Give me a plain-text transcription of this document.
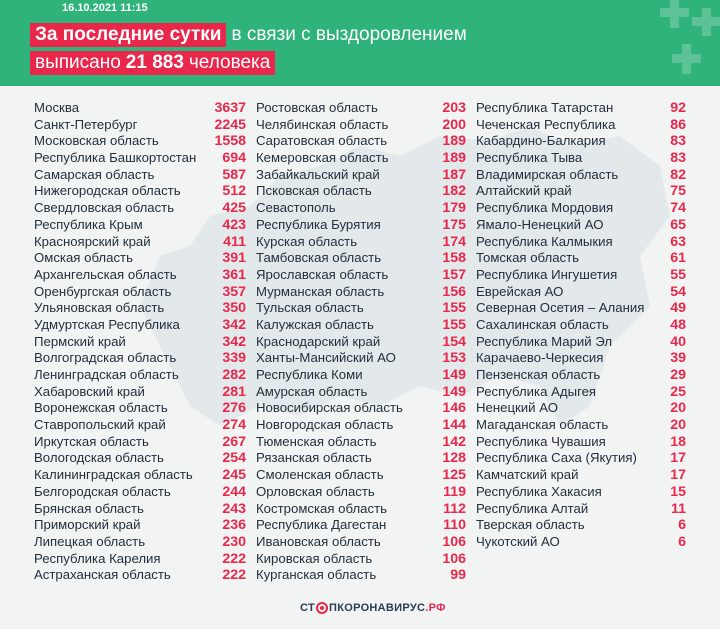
16.10.2021 11:15
За последние сутки в связи с выздоровлением
выписано 21 883 человека
Москва	3637
Санкт-Петербург	2245
Московская область	1558
Республика Башкортостан 694
Самарская область	587
Нижегородская область	512
Свердловская область	425
Республика Крым	423
Красноярский край	411
Омская область	391
Архангельская область	361
Оренбургская область	357
Ульяновская область	350
Удмуртская Республика	342
Пермский край	342
Волгоградская область	339
Ленинградская область	282
Хабаровский край	281
Воронежская область	276
Ставропольский край	274
Иркутская область	267
Вологодская область	254
Калининградская область 245
Белгородская область	244
Брянская область	243
Приморский край	236
Липецкая область	230
Республика Карелия	222
Астраханская область	222
Ростовская область	203
Челябинская область	200
Саратовская область	189
Кемеровская область	189
Забайкальский край	187
Псковская область	182
Севастополь	179
Республика Бурятия	175
Курская область	174
Тамбовская область	158
Ярославская область	157
Мурманская область	156
Тульская область	155
Калужская область	155
Краснодарский край	154
Ханты-Мансийский АО	153
Республика Коми	149
Амурская область	149
Новосибирская область	146
Новгородская область	144
Тюменская область	142
Рязанская область	128
Смоленская область	125
Орловская область	119
Костромская область	112
Республика Дагестан	110
Ивановская область	106
Кировская область	106
Курганская область	99
Республика Татарстан	92
Чеченская Республика	86
Кабардино-Балкария	83
Республика Тыва	83
Владимирская область	82
Алтайский край	75
Республика Мордовия	74
Ямало-Ненецкий АО	65
Республика Калмыкия	63
Томская область	61
Республика Ингушетия	55
Еврейская АО	54
Северная Осетия – Алания 49
Сахалинская область	48
Республика Марий Эл	40
Карачаево-Черкесия	39
Пензенская область	29
Республика Адыгея	25
Ненецкий АО	20
Магаданская область	20
Республика Чувашия	18
Республика Саха (Якутия) 17
Камчатский край	17
Республика Хакасия	15
Республика Алтай	11
Тверская область	6
Чукотский АО	6
СТ ПКОРОНАВИРУС .РФ
